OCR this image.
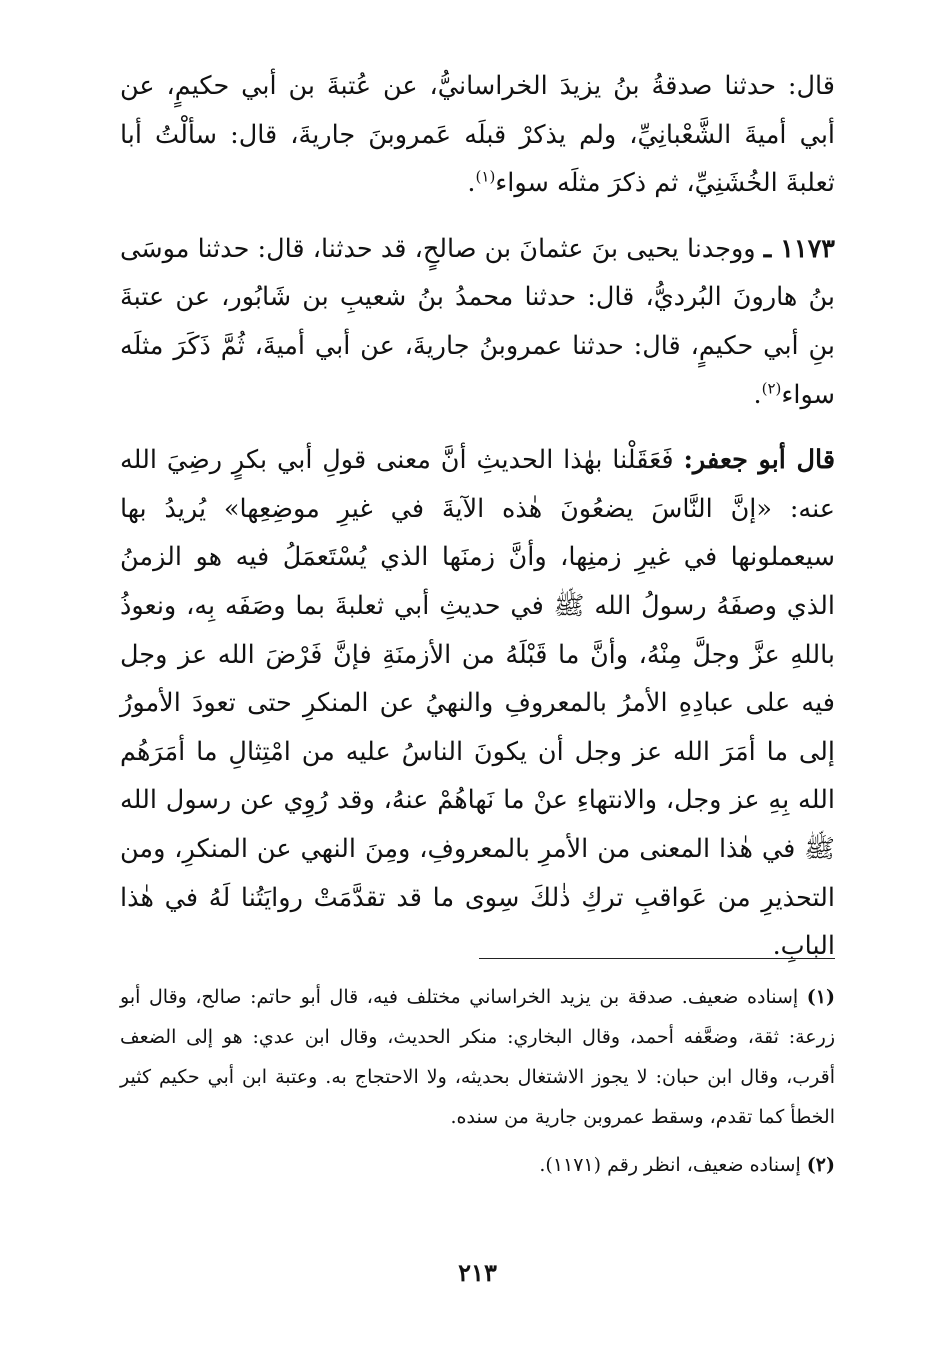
قال: حدثنا صدقةُ بنُ يزيدَ الخراسانيُّ، عن عُتبةَ بن أبي حكيمٍ، عن أبي أميةَ الشَّعْبانِيِّ، ولم يذكرْ قبلَه عَمروبنَ جاريةَ، قال: سألْتُ أبا ثعلبةَ الخُشَنِيِّ، ثم ذكرَ مثلَه سواء$^{(١)}$.

١١٧٣ ـ ووجدنا يحيى بنَ عثمانَ بن صالحٍ، قد حدثنا، قال: حدثنا موسَى بنُ هارونَ البُرديُّ، قال: حدثنا محمدُ بنُ شعيبِ بن شَابُور، عن عتبةَ بنِ أبي حكيمٍ، قال: حدثنا عمروبنُ جاريةَ، عن أبي أميةَ، ثُمَّ ذَكَرَ مثلَه سواء$^{(٢)}$.

قال أبو جعفر: فَعَقَلْنا بهٰذا الحديثِ أنَّ معنى قولِ أبي بكرٍ رضِيَ الله عنه: «إنَّ النَّاسَ يضعُونَ هٰذه الآيةَ في غيرِ موضِعِها» يُريدُ بها سيعملونها في غيرِ زمنِها، وأنَّ زمنَها الذي يُسْتَعمَلُ فيه هو الزمنُ الذي وصفَهُ رسولُ الله ﷺ في حديثِ أبي ثعلبةَ بما وصَفَه بِه، ونعوذُ باللهِ عزَّ وجلَّ مِنْهُ، وأنَّ ما قَبْلَهُ من الأزمنَةِ فإنَّ فَرْضَ الله عز وجل فيه على عبادِهِ الأمرُ بالمعروفِ والنهيُ عن المنكرِ حتى تعودَ الأمورُ إلى ما أمَرَ الله عز وجل أن يكونَ الناسُ عليه من امْتِثالِ ما أمَرَهُم الله بِهِ عز وجل، والانتهاءِ عنْ ما نَهاهُمْ عنهُ، وقد رُوِي عن رسول الله ﷺ في هٰذا المعنى من الأمرِ بالمعروفِ، ومِنَ النهي عن المنكرِ، ومن التحذيرِ من عَواقبِ تركِ ذٰلكَ سِوى ما قد تقدَّمَتْ روايَتُنا لَهُ في هٰذا البابِ.

(١) إسناده ضعيف. صدقة بن يزيد الخراساني مختلف فيه، قال أبو حاتم: صالح، وقال أبو زرعة: ثقة، وضعَّفه أحمد، وقال البخاري: منكر الحديث، وقال ابن عدي: هو إلى الضعف أقرب، وقال ابن حبان: لا يجوز الاشتغال بحديثه، ولا الاحتجاج به. وعتبة ابن أبي حكيم كثير الخطأ كما تقدم، وسقط عمروبن جارية من سنده.

(٢) إسناده ضعيف، انظر رقم (١١٧١).

٢١٣
